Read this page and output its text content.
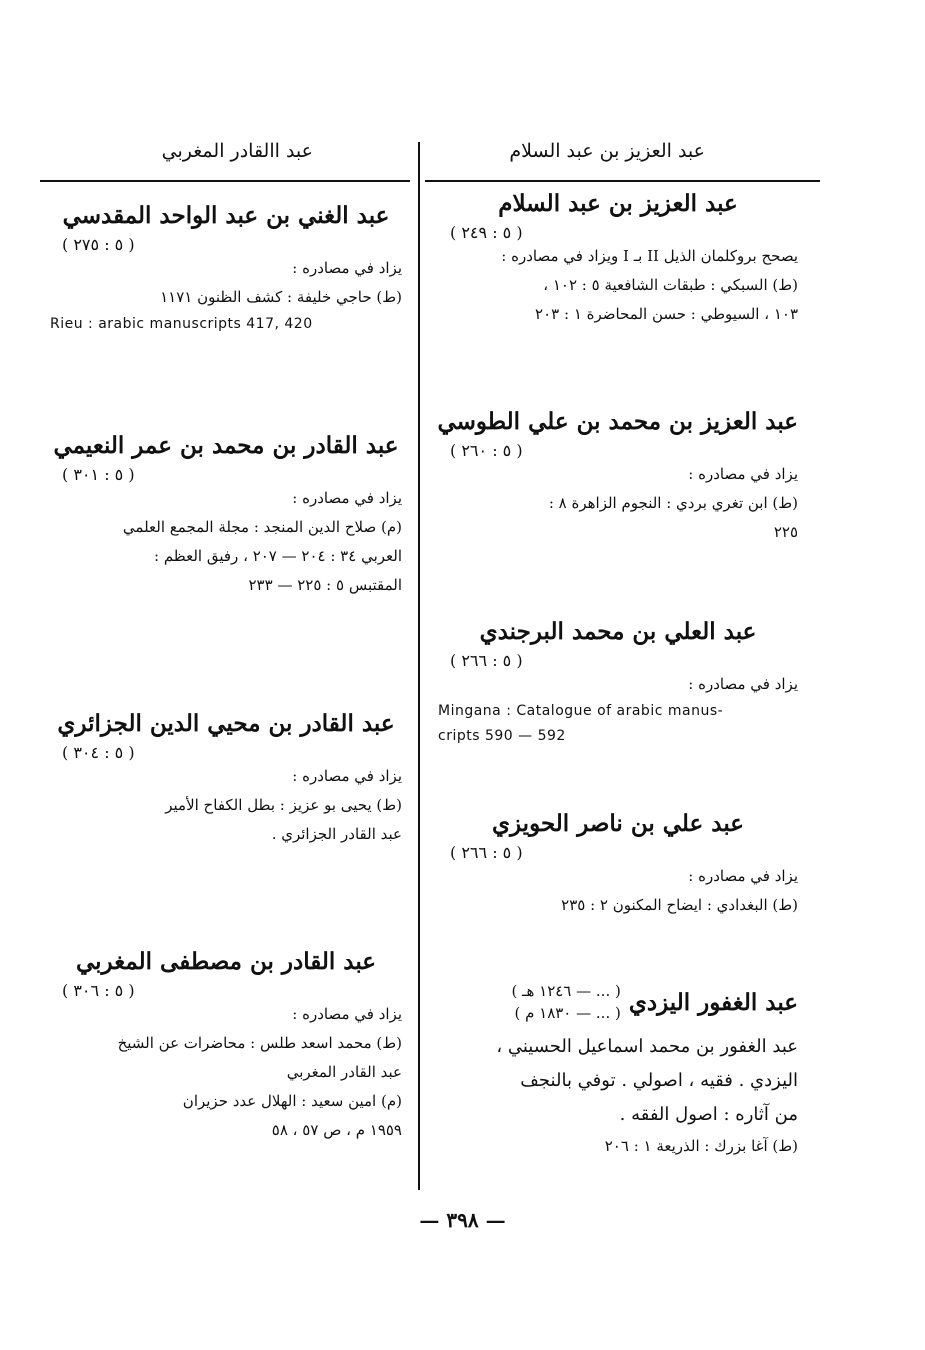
عبد العزيز بن عبد السلام
عبد االقادر المغربي
عبد العزيز بن عبد السلام
( ٥ : ٢٤٩ )
يصحح بروكلمان الذيل II بـ I ويزاد في مصادره :
(ط) السبكي : طبقات الشافعية ٥ : ١٠٢ ،
١٠٣ ، السيوطي : حسن المحاضرة ١ : ٢٠٣
عبد العزيز بن محمد بن علي الطوسي
( ٥ : ٢٦٠ )
يزاد في مصادره :
(ط) ابن تغري بردي : النجوم الزاهرة ٨ :
٢٢٥
عبد العلي بن محمد البرجندي
( ٥ : ٢٦٦ )
يزاد في مصادره :
Mingana : Catalogue of arabic manus-
cripts 590 — 592
عبد علي بن ناصر الحويزي
( ٥ : ٢٦٦ )
يزاد في مصادره :
(ط) البغدادي : ايضاح المكنون ٢ : ٢٣٥
عبد الغفور اليزدي
( ... — ١٢٤٦ هـ )
( ... — ١٨٣٠ م )
عبد الغفور بن محمد اسماعيل الحسيني ،
اليزدي . فقيه ، اصولي . توفي بالنجف
من آثاره : اصول الفقه .
(ط) آغا بزرك : الذريعة ١ : ٢٠٦
عبد الغني بن عبد الواحد المقدسي
( ٥ : ٢٧٥ )
يزاد في مصادره :
(ط) حاجي خليفة : كشف الظنون ١١٧١
Rieu : arabic manuscripts 417, 420
عبد القادر بن محمد بن عمر النعيمي
( ٥ : ٣٠١ )
يزاد في مصادره :
(م) صلاح الدين المنجد : مجلة المجمع العلمي
العربي ٣٤ : ٢٠٤ — ٢٠٧ ، رفيق العظم :
المقتبس ٥ : ٢٢٥ — ٢٣٣
عبد القادر بن محيي الدين الجزائري
( ٥ : ٣٠٤ )
يزاد في مصادره :
(ط) يحيى بو عزيز : بطل الكفاح الأمير
عبد القادر الجزائري .
عبد القادر بن مصطفى المغربي
( ٥ : ٣٠٦ )
يزاد في مصادره :
(ط) محمد اسعد طلس : محاضرات عن الشيخ
عبد القادر المغربي
(م) امين سعيد : الهلال عدد حزيران
١٩٥٩ م ، ص ٥٧ ، ٥٨
— ٣٩٨ —
